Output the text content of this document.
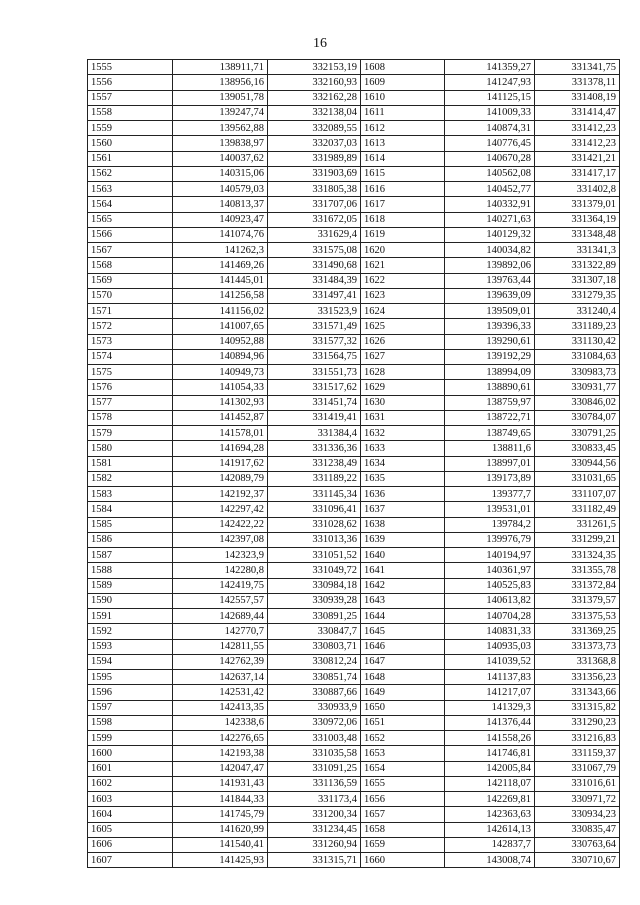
16
1555	138911,71	332153,19	1608	141359,27	331341,75
1556	138956,16	332160,93	1609	141247,93	331378,11
1557	139051,78	332162,28	1610	141125,15	331408,19
1558	139247,74	332138,04	1611	141009,33	331414,47
1559	139562,88	332089,55	1612	140874,31	331412,23
1560	139838,97	332037,03	1613	140776,45	331412,23
1561	140037,62	331989,89	1614	140670,28	331421,21
1562	140315,06	331903,69	1615	140562,08	331417,17
1563	140579,03	331805,38	1616	140452,77	331402,8
1564	140813,37	331707,06	1617	140332,91	331379,01
1565	140923,47	331672,05	1618	140271,63	331364,19
1566	141074,76	331629,4	1619	140129,32	331348,48
1567	141262,3	331575,08	1620	140034,82	331341,3
1568	141469,26	331490,68	1621	139892,06	331322,89
1569	141445,01	331484,39	1622	139763,44	331307,18
1570	141256,58	331497,41	1623	139639,09	331279,35
1571	141156,02	331523,9	1624	139509,01	331240,4
1572	141007,65	331571,49	1625	139396,33	331189,23
1573	140952,88	331577,32	1626	139290,61	331130,42
1574	140894,96	331564,75	1627	139192,29	331084,63
1575	140949,73	331551,73	1628	138994,09	330983,73
1576	141054,33	331517,62	1629	138890,61	330931,77
1577	141302,93	331451,74	1630	138759,97	330846,02
1578	141452,87	331419,41	1631	138722,71	330784,07
1579	141578,01	331384,4	1632	138749,65	330791,25
1580	141694,28	331336,36	1633	138811,6	330833,45
1581	141917,62	331238,49	1634	138997,01	330944,56
1582	142089,79	331189,22	1635	139173,89	331031,65
1583	142192,37	331145,34	1636	139377,7	331107,07
1584	142297,42	331096,41	1637	139531,01	331182,49
1585	142422,22	331028,62	1638	139784,2	331261,5
1586	142397,08	331013,36	1639	139976,79	331299,21
1587	142323,9	331051,52	1640	140194,97	331324,35
1588	142280,8	331049,72	1641	140361,97	331355,78
1589	142419,75	330984,18	1642	140525,83	331372,84
1590	142557,57	330939,28	1643	140613,82	331379,57
1591	142689,44	330891,25	1644	140704,28	331375,53
1592	142770,7	330847,7	1645	140831,33	331369,25
1593	142811,55	330803,71	1646	140935,03	331373,73
1594	142762,39	330812,24	1647	141039,52	331368,8
1595	142637,14	330851,74	1648	141137,83	331356,23
1596	142531,42	330887,66	1649	141217,07	331343,66
1597	142413,35	330933,9	1650	141329,3	331315,82
1598	142338,6	330972,06	1651	141376,44	331290,23
1599	142276,65	331003,48	1652	141558,26	331216,83
1600	142193,38	331035,58	1653	141746,81	331159,37
1601	142047,47	331091,25	1654	142005,84	331067,79
1602	141931,43	331136,59	1655	142118,07	331016,61
1603	141844,33	331173,4	1656	142269,81	330971,72
1604	141745,79	331200,34	1657	142363,63	330934,23
1605	141620,99	331234,45	1658	142614,13	330835,47
1606	141540,41	331260,94	1659	142837,7	330763,64
1607	141425,93	331315,71	1660	143008,74	330710,67
